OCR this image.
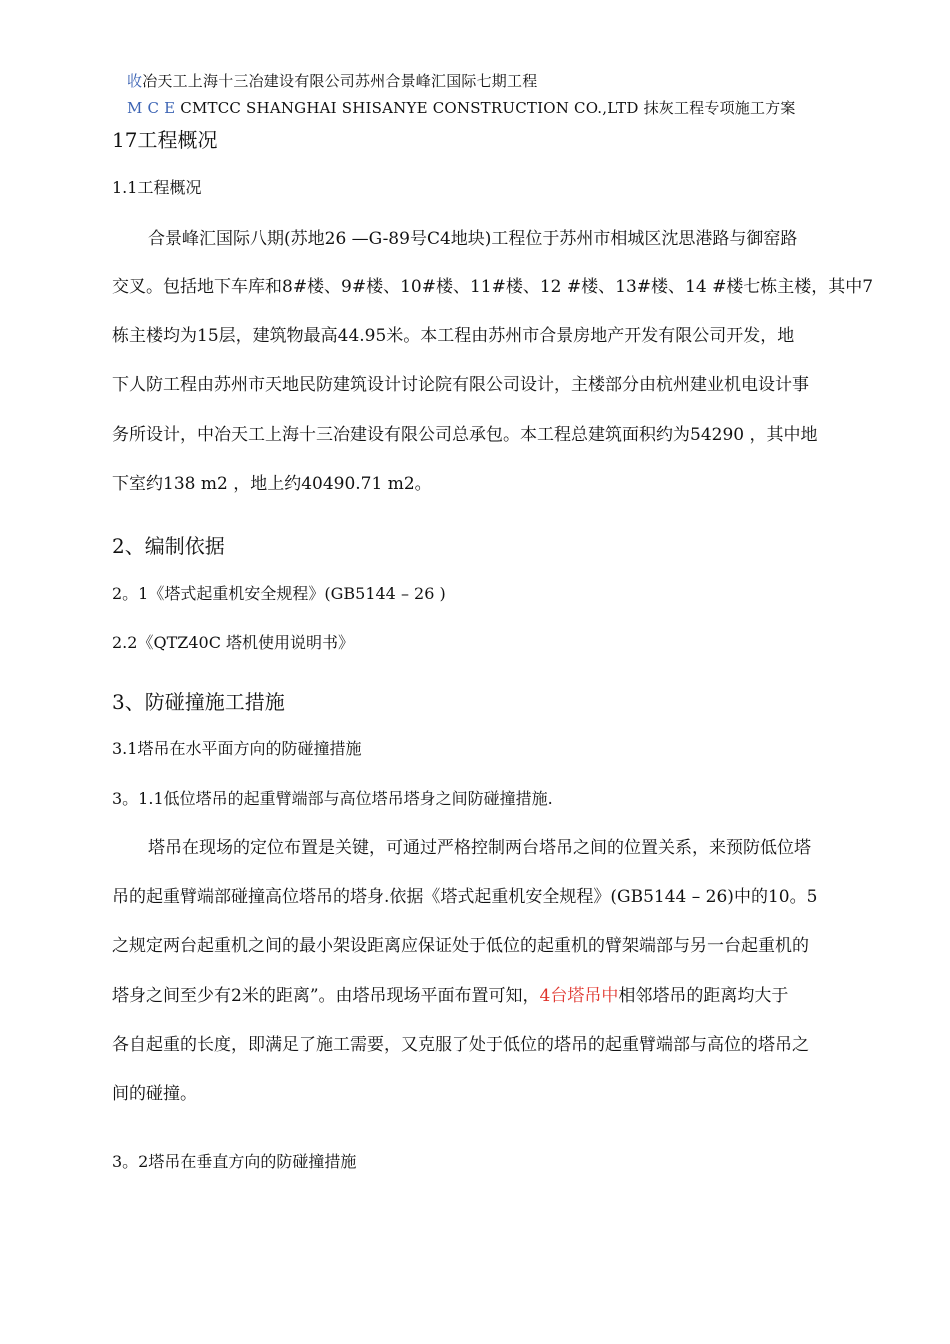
收冶天工上海十三冶建设有限公司苏州合景峰汇国际七期工程
M C E CMTCC SHANGHAI SHISANYE CONSTRUCTION CO.,LTD 抹灰工程专项施工方案
17工程概况
1.1工程概况
合景峰汇国际八期(苏地26 —G-89号C4地块)工程位于苏州市相城区沈思港路与御窑路
交叉。包括地下车库和8#楼、9#楼、10#楼、11#楼、12 #楼、13#楼、14 #楼七栋主楼，其中7
栋主楼均为15层，建筑物最高44.95米。本工程由苏州市合景房地产开发有限公司开发，地
下人防工程由苏州市天地民防建筑设计讨论院有限公司设计，主楼部分由杭州建业机电设计事
务所设计，中冶天工上海十三冶建设有限公司总承包。本工程总建筑面积约为54290 ，其中地
下室约138 m2 ，地上约40490.71 m2。
2、编制依据
2。1《塔式起重机安全规程》(GB5144 – 26 )
2.2《QTZ40C 塔机使用说明书》
3、防碰撞施工措施
3.1塔吊在水平面方向的防碰撞措施
3。1.1低位塔吊的起重臂端部与高位塔吊塔身之间防碰撞措施.
塔吊在现场的定位布置是关键，可通过严格控制两台塔吊之间的位置关系，来预防低位塔
吊的起重臂端部碰撞高位塔吊的塔身.依据《塔式起重机安全规程》(GB5144 – 26)中的10。5
之规定两台起重机之间的最小架设距离应保证处于低位的起重机的臂架端部与另一台起重机的
塔身之间至少有2米的距离”。由塔吊现场平面布置可知，4台塔吊中相邻塔吊的距离均大于
各自起重的长度，即满足了施工需要，又克服了处于低位的塔吊的起重臂端部与高位的塔吊之
间的碰撞。
3。2塔吊在垂直方向的防碰撞措施
